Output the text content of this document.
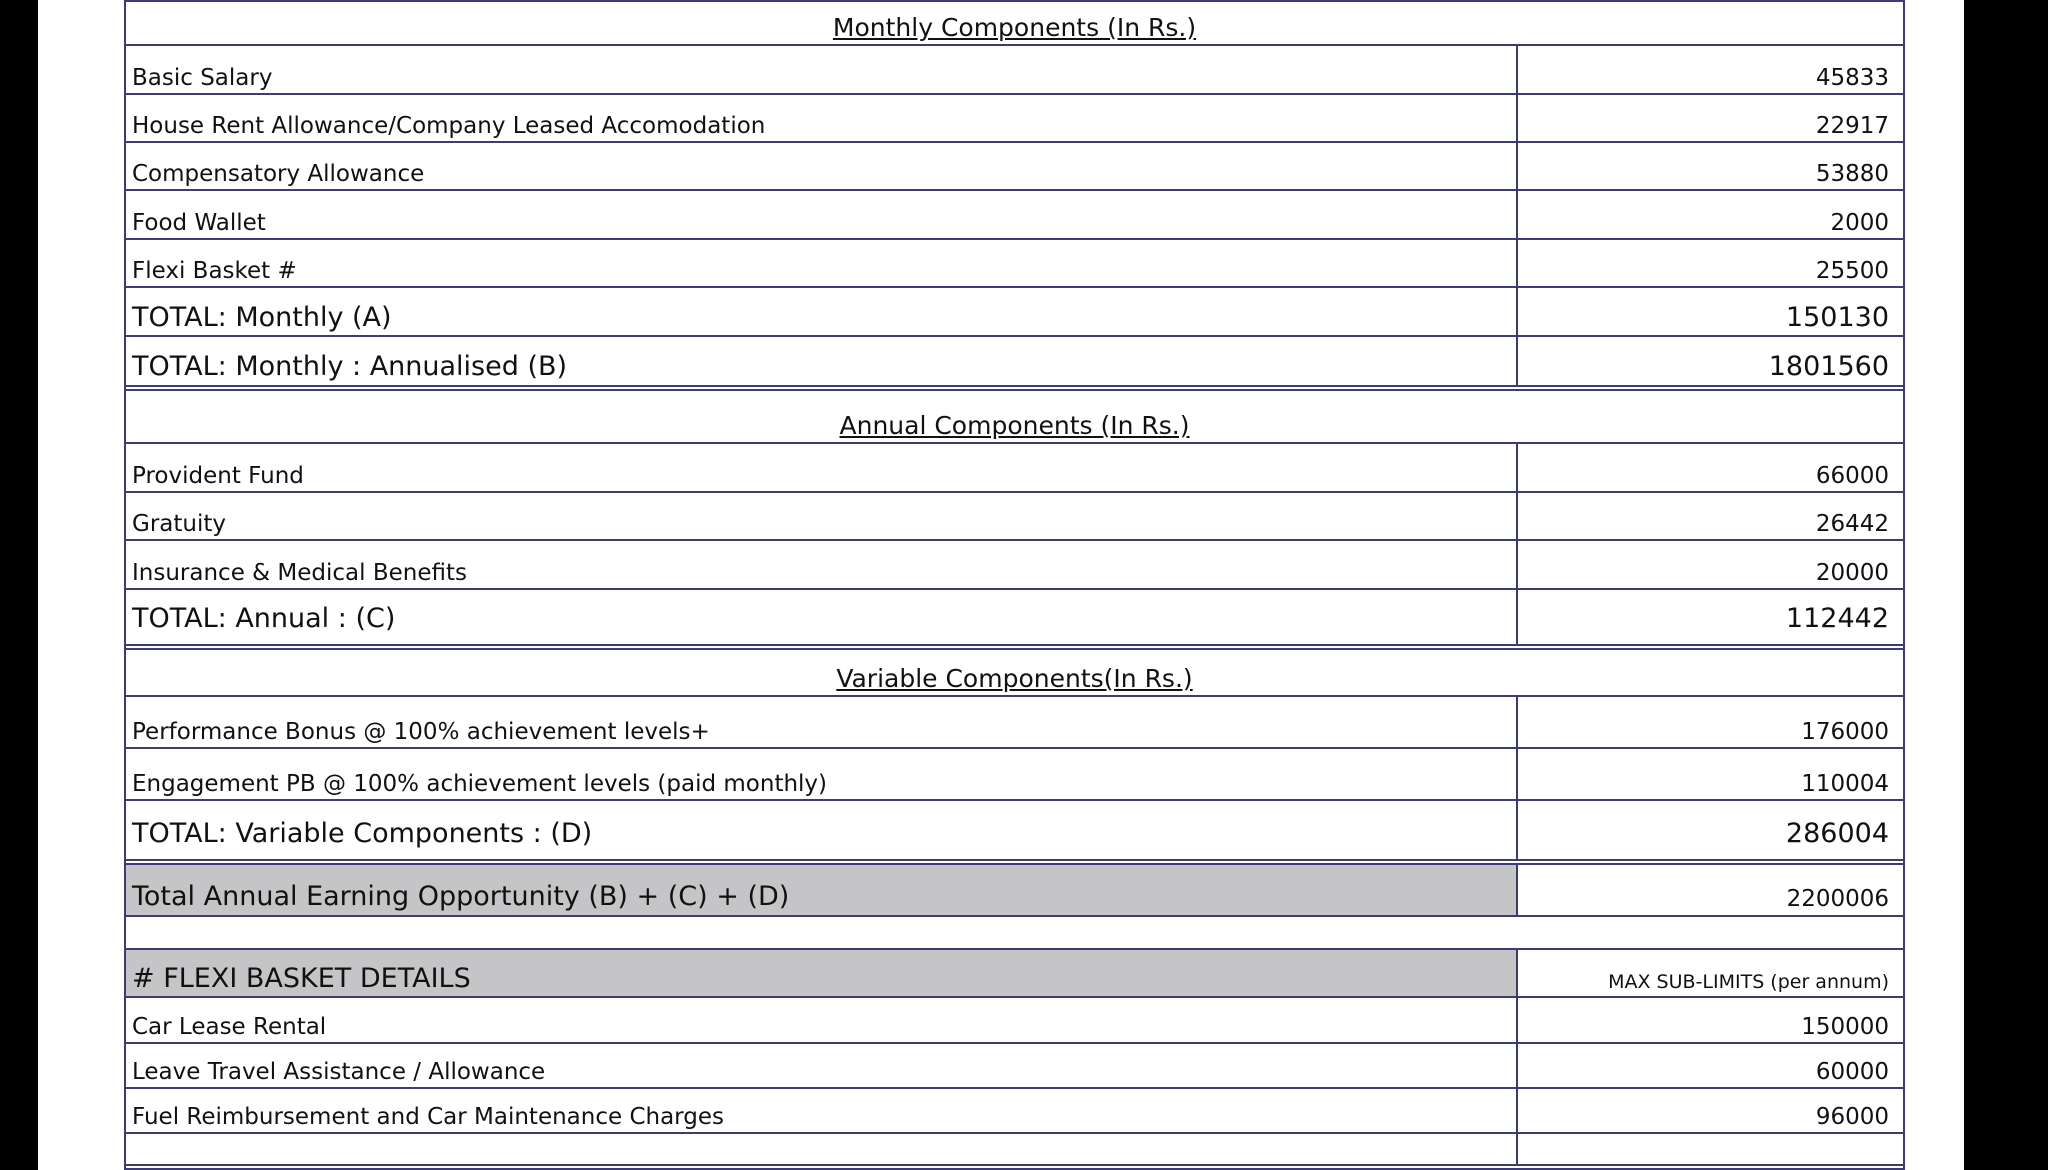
Monthly Components (In Rs.)
Basic Salary	45833
House Rent Allowance/Company Leased Accomodation	22917
Compensatory Allowance	53880
Food Wallet	2000
Flexi Basket #	25500
TOTAL: Monthly (A)	150130
TOTAL: Monthly : Annualised (B)	1801560
Annual Components (In Rs.)
Provident Fund	66000
Gratuity	26442
Insurance & Medical Benefits	20000
TOTAL: Annual : (C)	112442
Variable Components(In Rs.)
Performance Bonus @ 100% achievement levels+	176000
Engagement PB @ 100% achievement levels (paid monthly)	110004
TOTAL: Variable Components : (D)	286004
Total Annual Earning Opportunity (B) + (C) + (D)	2200006
# FLEXI BASKET DETAILS	MAX SUB-LIMITS (per annum)
Car Lease Rental	150000
Leave Travel Assistance / Allowance	60000
Fuel Reimbursement and Car Maintenance Charges	96000
